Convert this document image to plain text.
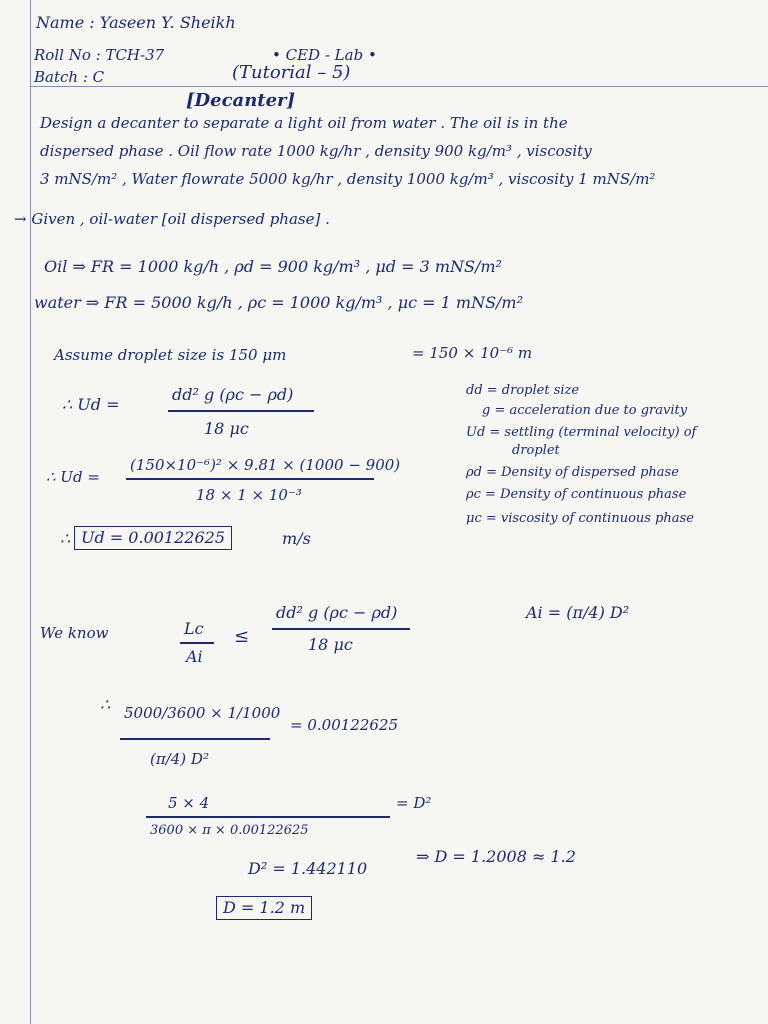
Name : Yaseen Y. Sheikh
Roll No : TCH-37
Batch : C
• CED - Lab •
(Tutorial – 5)
[Decanter]
Design a decanter to separate a light oil from water . The oil is in the
dispersed phase . Oil flow rate 1000 kg/hr , density 900 kg/m³ , viscosity
3 mNS/m² , Water flowrate 5000 kg/hr , density 1000 kg/m³ , viscosity 1 mNS/m²
→ Given , oil-water [oil dispersed phase] .
Oil ⇒ FR = 1000 kg/h , ρd = 900 kg/m³ , μd = 3 mNS/m²
water ⇒ FR = 5000 kg/h , ρc = 1000 kg/m³ , μc = 1 mNS/m²
Assume droplet size is 150 μm	= 150 × 10⁻⁶ m
∴ Ud =
dd² g (ρc − ρd)
18 μc
∴ Ud =
(150×10⁻⁶)² × 9.81 × (1000 − 900)
18 × 1 × 10⁻³
∴ Ud = 0.00122625	m/s
dd = droplet size
g = acceleration due to gravity
Ud = settling (terminal velocity) of
droplet
ρd = Density of dispersed phase
ρc = Density of continuous phase
μc = viscosity of continuous phase
We know	Lc
Ai
≤
dd² g (ρc − ρd)
18 μc
Ai = (π/4) D²
∴ 5000/3600 × 1/1000
(π/4) D²
= 0.00122625
5 × 4
3600 × π × 0.00122625
= D²
D² = 1.442110
⇒ D = 1.2008 ≈ 1.2
D = 1.2 m
